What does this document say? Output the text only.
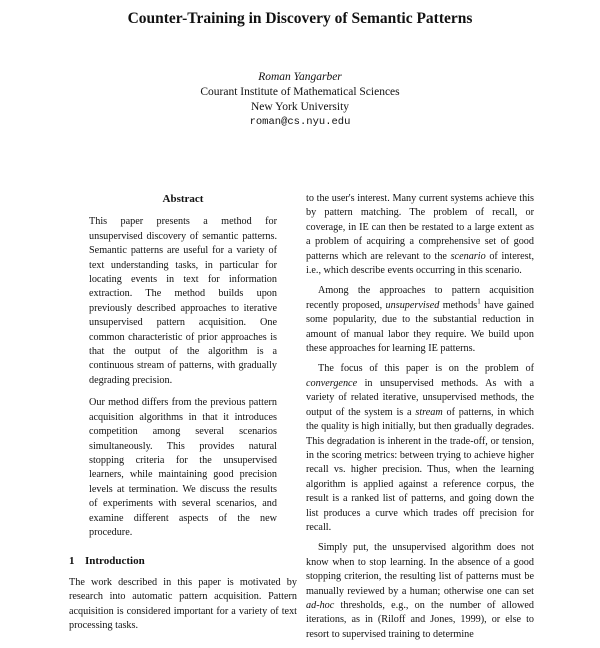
Counter-Training in Discovery of Semantic Patterns
Roman Yangarber
Courant Institute of Mathematical Sciences
New York University
roman@cs.nyu.edu
Abstract

This paper presents a method for unsupervised discovery of semantic patterns. Semantic patterns are useful for a variety of text understanding tasks, in particular for locating events in text for information extraction. The method builds upon previously described approaches to iterative unsupervised pattern acquisition. One common characteristic of prior approaches is that the output of the algorithm is a continuous stream of patterns, with gradually degrading precision.

Our method differs from the previous pattern acquisition algorithms in that it introduces competition among several scenarios simultaneously. This provides natural stopping criteria for the unsupervised learners, while maintaining good precision levels at termination. We discuss the results of experiments with several scenarios, and examine different aspects of the new procedure.

1 Introduction

The work described in this paper is motivated by research into automatic pattern acquisition. Pattern acquisition is considered important for a variety of text processing tasks.

to the user's interest. Many current systems achieve this by pattern matching. The problem of recall, or coverage, in IE can then be restated to a large extent as a problem of acquiring a comprehensive set of good patterns which are relevant to the scenario of interest, i.e., which describe events occurring in this scenario.

Among the approaches to pattern acquisition recently proposed, unsupervised methods$^1$ have gained some popularity, due to the substantial reduction in amount of manual labor they require. We build upon these approaches for learning IE patterns.

The focus of this paper is on the problem of convergence in unsupervised methods. As with a variety of related iterative, unsupervised methods, the output of the system is a stream of patterns, in which the quality is high initially, but then gradually degrades. This degradation is inherent in the trade-off, or tension, in the scoring metrics: between trying to achieve higher recall vs. higher precision. Thus, when the learning algorithm is applied against a reference corpus, the result is a ranked list of patterns, and going down the list produces a curve which trades off precision for recall.

Simply put, the unsupervised algorithm does not know when to stop learning. In the absence of a good stopping criterion, the resulting list of patterns must be manually reviewed by a human; otherwise one can set ad-hoc thresholds, e.g., on the number of allowed iterations, as in (Riloff and Jones, 1999), or else to resort to supervised training to determine
